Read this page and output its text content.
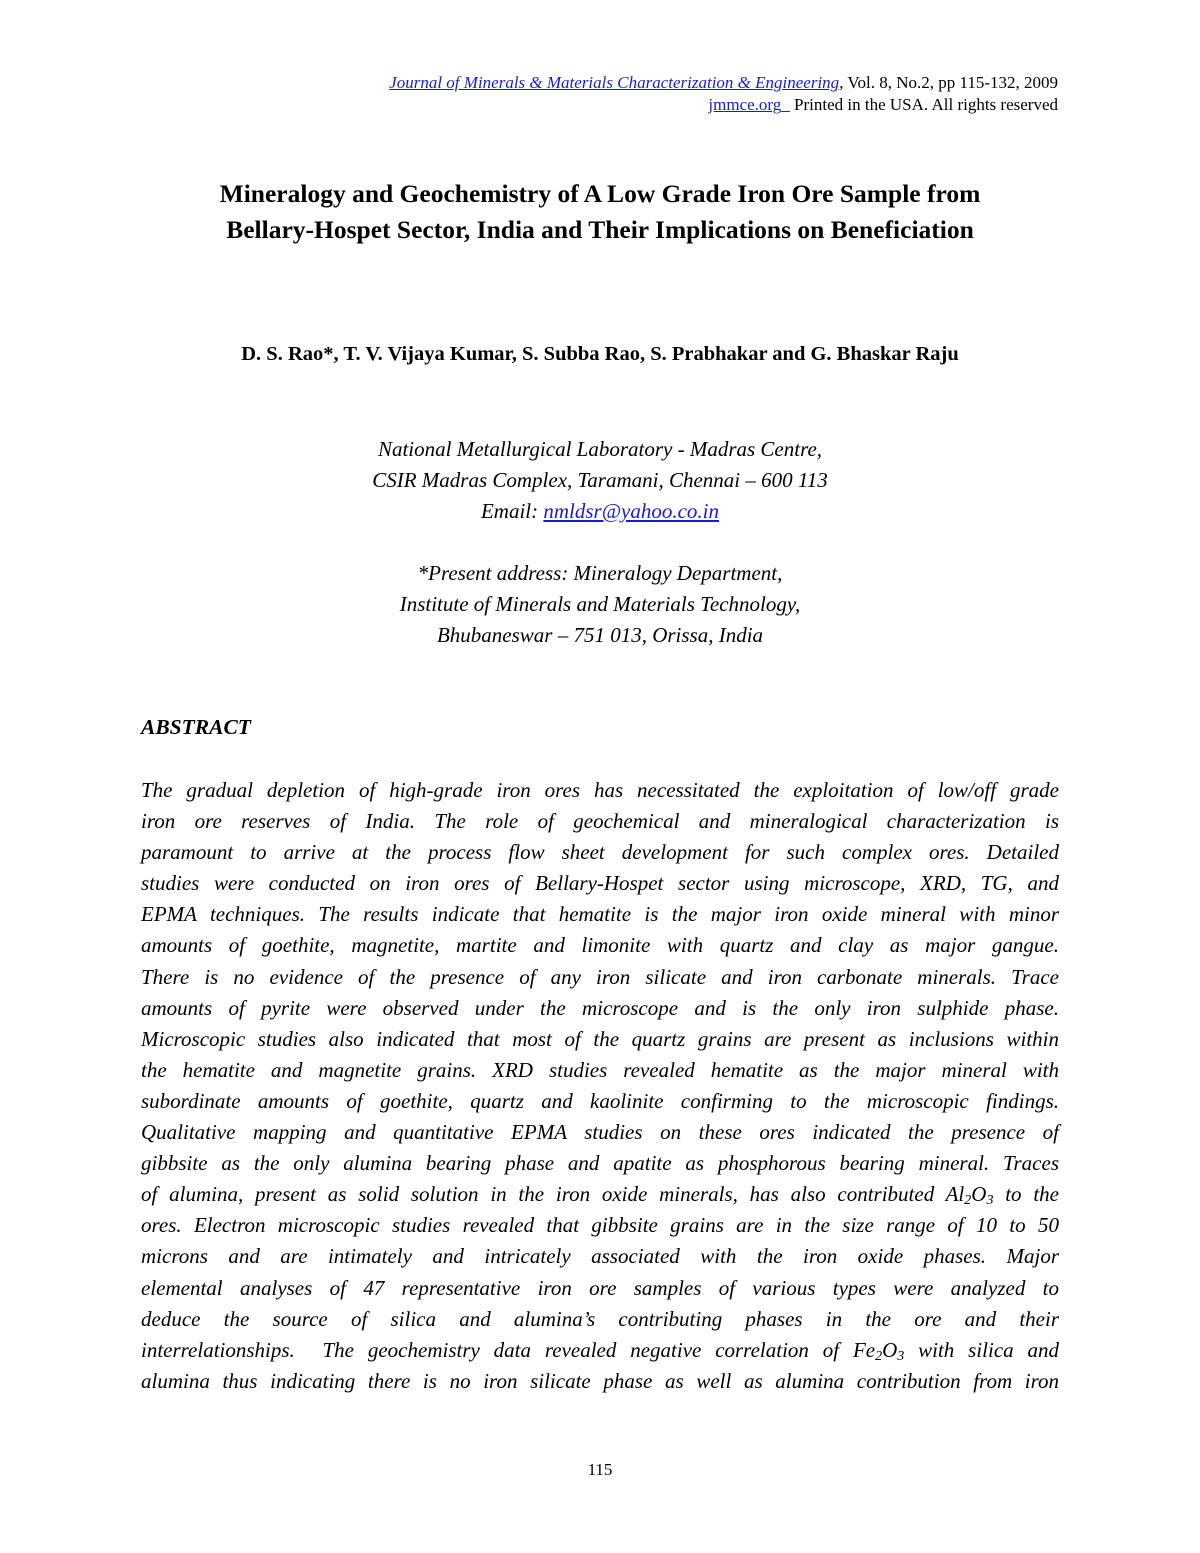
Journal of Minerals & Materials Characterization & Engineering, Vol. 8, No.2, pp 115-132, 2009
jmmce.org Printed in the USA. All rights reserved
Mineralogy and Geochemistry of A Low Grade Iron Ore Sample from
Bellary-Hospet Sector, India and Their Implications on Beneficiation
D. S. Rao*, T. V. Vijaya Kumar, S. Subba Rao, S. Prabhakar and G. Bhaskar Raju
National Metallurgical Laboratory - Madras Centre,
CSIR Madras Complex, Taramani, Chennai – 600 113
Email: nmldsr@yahoo.co.in
*Present address: Mineralogy Department,
Institute of Minerals and Materials Technology,
Bhubaneswar – 751 013, Orissa, India
ABSTRACT
The gradual depletion of high-grade iron ores has necessitated the exploitation of low/off grade
iron ore reserves of India. The role of geochemical and mineralogical characterization is
paramount to arrive at the process flow sheet development for such complex ores. Detailed
studies were conducted on iron ores of Bellary-Hospet sector using microscope, XRD, TG, and
EPMA techniques. The results indicate that hematite is the major iron oxide mineral with minor
amounts of goethite, magnetite, martite and limonite with quartz and clay as major gangue.
There is no evidence of the presence of any iron silicate and iron carbonate minerals. Trace
amounts of pyrite were observed under the microscope and is the only iron sulphide phase.
Microscopic studies also indicated that most of the quartz grains are present as inclusions within
the hematite and magnetite grains. XRD studies revealed hematite as the major mineral with
subordinate amounts of goethite, quartz and kaolinite confirming to the microscopic findings.
Qualitative mapping and quantitative EPMA studies on these ores indicated the presence of
gibbsite as the only alumina bearing phase and apatite as phosphorous bearing mineral. Traces
of alumina, present as solid solution in the iron oxide minerals, has also contributed $Al_2O_3$ to the
ores. Electron microscopic studies revealed that gibbsite grains are in the size range of 10 to 50
microns and are intimately and intricately associated with the iron oxide phases. Major
elemental analyses of 47 representative iron ore samples of various types were analyzed to
deduce the source of silica and alumina’s contributing phases in the ore and their
interrelationships.  The geochemistry data revealed negative correlation of $Fe_2O_3$ with silica and
alumina thus indicating there is no iron silicate phase as well as alumina contribution from iron
115
